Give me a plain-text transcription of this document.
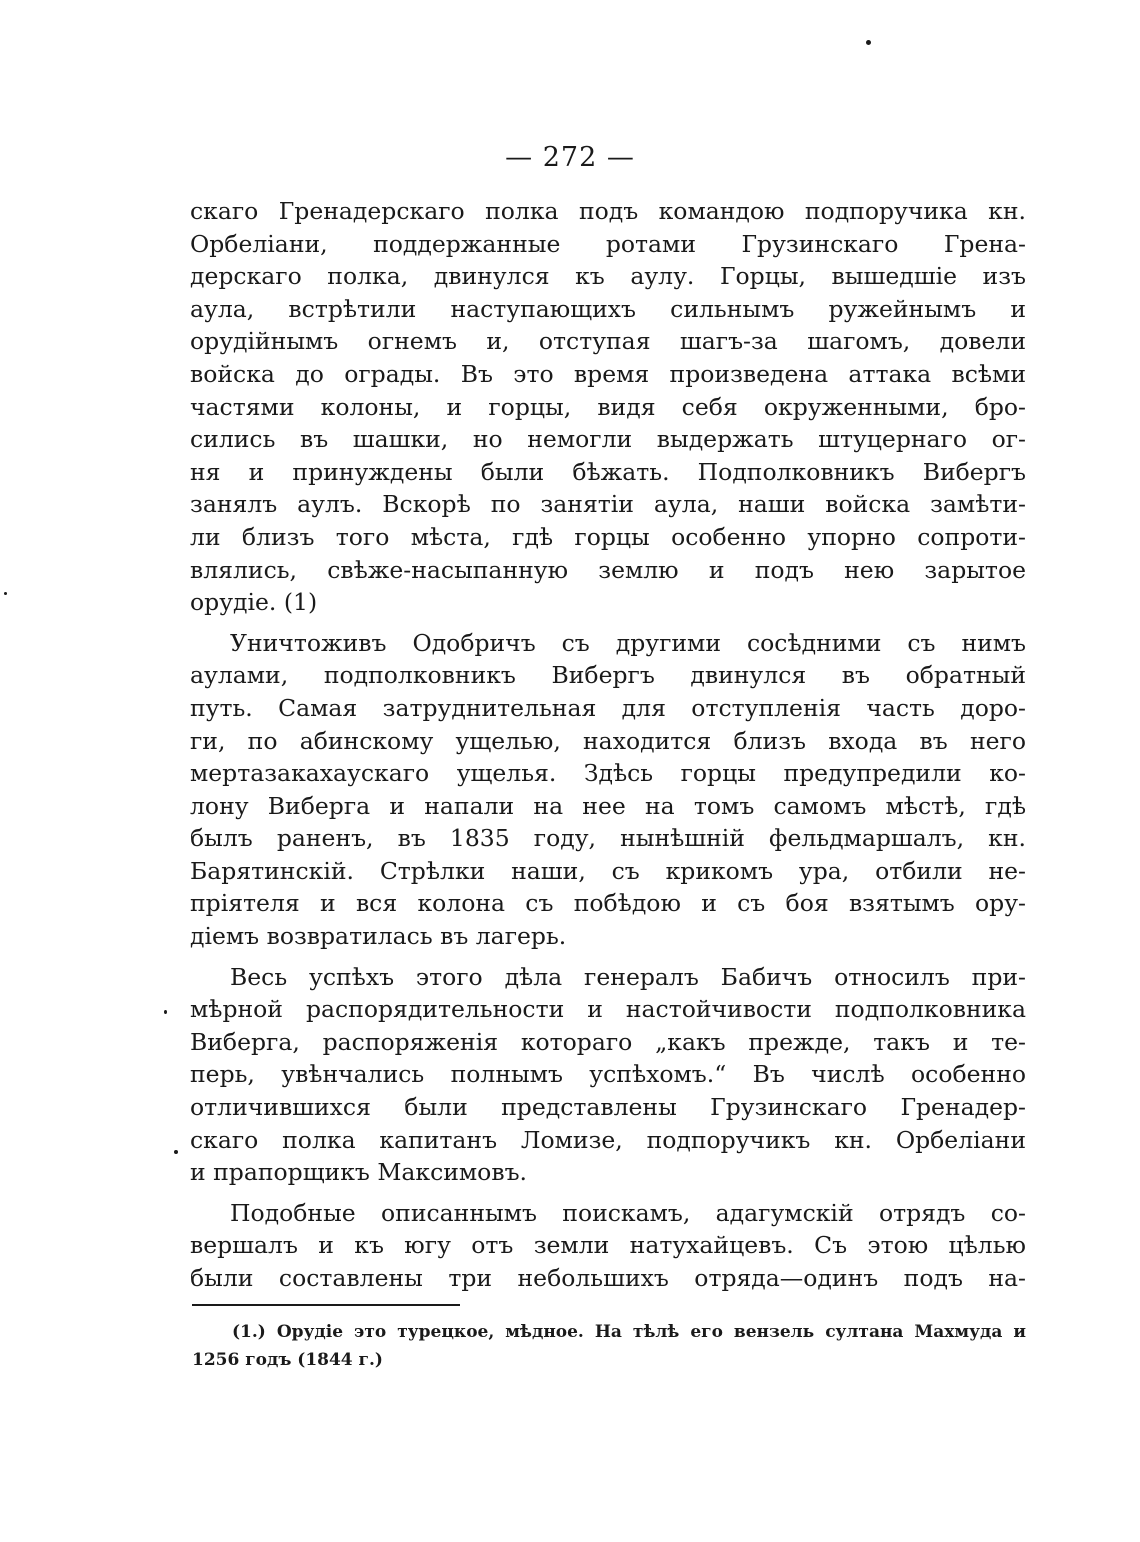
— 272 —
скаго Гренадерскаго полка подъ командою подпоручика кн.
Орбеліани, поддержанные ротами Грузинскаго Грена-
дерскаго полка, двинулся къ аулу. Горцы, вышедшіе изъ
аула, встрѣтили наступающихъ сильнымъ ружейнымъ и
орудійнымъ огнемъ и, отступая шагъ-за шагомъ, довели
войска до ограды. Въ это время произведена аттака всѣми
частями колоны, и горцы, видя себя окруженными, бро-
сились въ шашки, но немогли выдержать штуцернаго ог-
ня и принуждены были бѣжать. Подполковникъ Вибергъ
занялъ аулъ. Вскорѣ по занятіи аула, наши войска замѣти-
ли близъ того мѣста, гдѣ горцы особенно упорно сопроти-
влялись, свѣже-насыпанную землю и подъ нею зарытое
орудіе. (1)
Уничтоживъ Одобричъ съ другими сосѣдними съ нимъ
аулами, подполковникъ Вибергъ двинулся въ обратный
путь. Самая затруднительная для отступленія часть доро-
ги, по абинскому ущелью, находится близъ входа въ него
мертазакахаускаго ущелья. Здѣсь горцы предупредили ко-
лону Виберга и напали на нее на томъ самомъ мѣстѣ, гдѣ
былъ раненъ, въ 1835 году, нынѣшній фельдмаршалъ, кн.
Барятинскій. Стрѣлки наши, съ крикомъ ура, отбили не-
пріятеля и вся колона съ побѣдою и съ боя взятымъ ору-
діемъ возвратилась въ лагерь.
Весь успѣхъ этого дѣла генералъ Бабичъ относилъ при-
мѣрной распорядительности и настойчивости подполковника
Виберга, распоряженія котораго „какъ прежде, такъ и те-
перь, увѣнчались полнымъ успѣхомъ.“ Въ числѣ особенно
отличившихся были представлены Грузинскаго Гренадер-
скаго полка капитанъ Ломизе, подпоручикъ кн. Орбеліани
и прапорщикъ Максимовъ.
Подобные описаннымъ поискамъ, адагумскій отрядъ со-
вершалъ и къ югу отъ земли натухайцевъ. Съ этою цѣлью
были составлены три небольшихъ отряда—одинъ подъ на-
(1.) Орудіе это турецкое, мѣдное. На тѣлѣ его вензель султана Махмуда и
1256 годъ (1844 г.)
